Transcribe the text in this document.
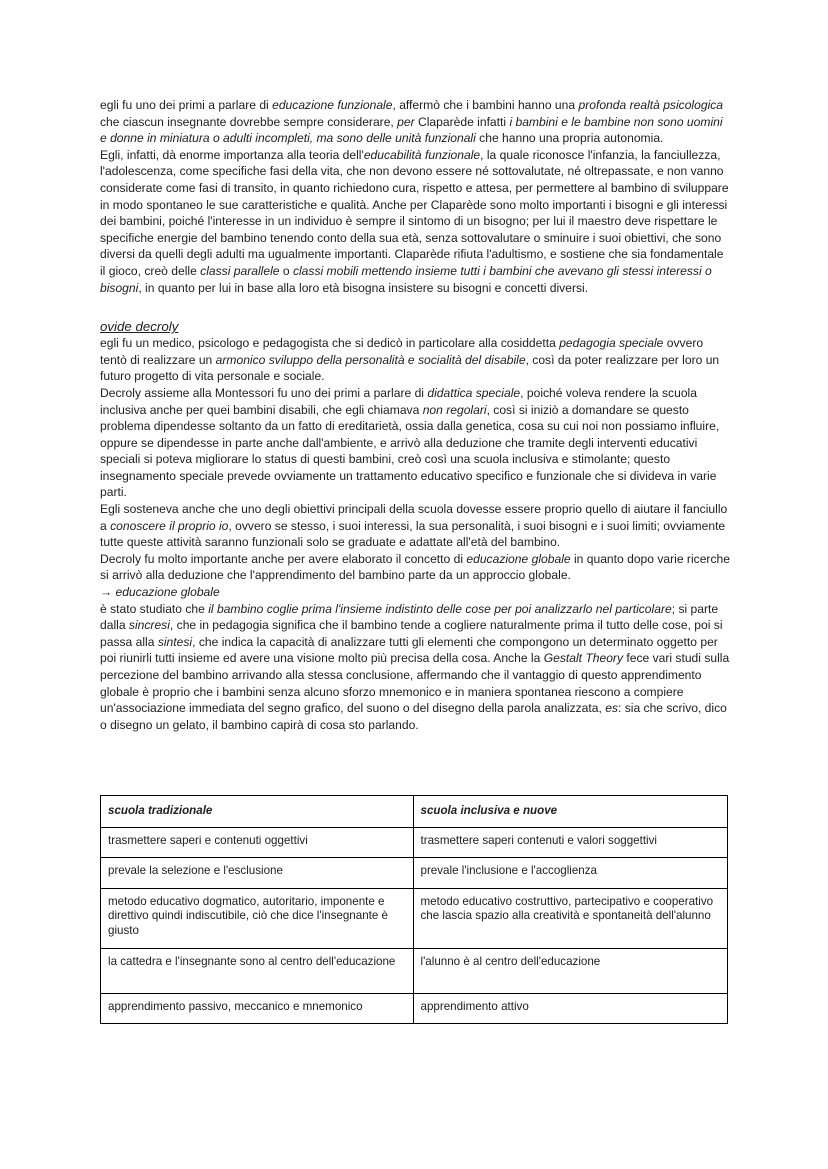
egli fu uno dei primi a parlare di educazione funzionale, affermò che i bambini hanno una profonda realtà psicologica che ciascun insegnante dovrebbe sempre considerare, per Claparède infatti i bambini e le bambine non sono uomini e donne in miniatura o adulti incompleti, ma sono delle unità funzionali che hanno una propria autonomia.

Egli, infatti, dà enorme importanza alla teoria dell'educabilità funzionale, la quale riconosce l'infanzia, la fanciullezza, l'adolescenza, come specifiche fasi della vita, che non devono essere né sottovalutate, né oltrepassate, e non vanno considerate come fasi di transito, in quanto richiedono cura, rispetto e attesa, per permettere al bambino di sviluppare in modo spontaneo le sue caratteristiche e qualità. Anche per Claparède sono molto importanti i bisogni e gli interessi dei bambini, poiché l'interesse in un individuo è sempre il sintomo di un bisogno; per lui il maestro deve rispettare le specifiche energie del bambino tenendo conto della sua età, senza sottovalutare o sminuire i suoi obiettivi, che sono diversi da quelli degli adulti ma ugualmente importanti. Claparède rifiuta l'adultismo, e sostiene che sia fondamentale il gioco, creò delle classi parallele o classi mobili mettendo insieme tutti i bambini che avevano gli stessi interessi o bisogni, in quanto per lui in base alla loro età bisogna insistere su bisogni e concetti diversi.

ovide decroly

egli fu un medico, psicologo e pedagogista che si dedicò in particolare alla cosiddetta pedagogia speciale ovvero tentò di realizzare un armonico sviluppo della personalità e socialità del disabile, così da poter realizzare per loro un futuro progetto di vita personale e sociale.

Decroly assieme alla Montessori fu uno dei primi a parlare di didattica speciale, poiché voleva rendere la scuola inclusiva anche per quei bambini disabili, che egli chiamava non regolari, così si iniziò a domandare se questo problema dipendesse soltanto da un fatto di ereditarietà, ossia dalla genetica, cosa su cui noi non possiamo influire, oppure se dipendesse in parte anche dall'ambiente, e arrivò alla deduzione che tramite degli interventi educativi speciali si poteva migliorare lo status di questi bambini, creò così una scuola inclusiva e stimolante; questo insegnamento speciale prevede ovviamente un trattamento educativo specifico e funzionale che si divideva in varie parti.

Egli sosteneva anche che uno degli obiettivi principali della scuola dovesse essere proprio quello di aiutare il fanciullo a conoscere il proprio io, ovvero se stesso, i suoi interessi, la sua personalità, i suoi bisogni e i suoi limiti; ovviamente tutte queste attività saranno funzionali solo se graduate e adattate all'età del bambino.

Decroly fu molto importante anche per avere elaborato il concetto di educazione globale in quanto dopo varie ricerche si arrivò alla deduzione che l'apprendimento del bambino parte da un approccio globale.

→ educazione globale

è stato studiato che il bambino coglie prima l'insieme indistinto delle cose per poi analizzarlo nel particolare; si parte dalla sincresi, che in pedagogia significa che il bambino tende a cogliere naturalmente prima il tutto delle cose, poi si passa alla sintesi, che indica la capacità di analizzare tutti gli elementi che compongono un determinato oggetto per poi riunirli tutti insieme ed avere una visione molto più precisa della cosa. Anche la Gestalt Theory fece vari studi sulla percezione del bambino arrivando alla stessa conclusione, affermando che il vantaggio di questo apprendimento globale è proprio che i bambini senza alcuno sforzo mnemonico e in maniera spontanea riescono a compiere un'associazione immediata del segno grafico, del suono o del disegno della parola analizzata, es: sia che scrivo, dico o disegno un gelato, il bambino capirà di cosa sto parlando.

scuola tradizionale	scuola inclusiva e nuove
trasmettere saperi e contenuti oggettivi	trasmettere saperi contenuti e valori soggettivi
prevale la selezione e l'esclusione	prevale l'inclusione e l'accoglienza
metodo educativo dogmatico, autoritario, imponente e direttivo quindi indiscutibile, ciò che dice l'insegnante è giusto	metodo educativo costruttivo, partecipativo e cooperativo che lascia spazio alla creatività e spontaneità dell'alunno
la cattedra e l'insegnante sono al centro dell'educazione	l'alunno è al centro dell'educazione
apprendimento passivo, meccanico e mnemonico	apprendimento attivo
